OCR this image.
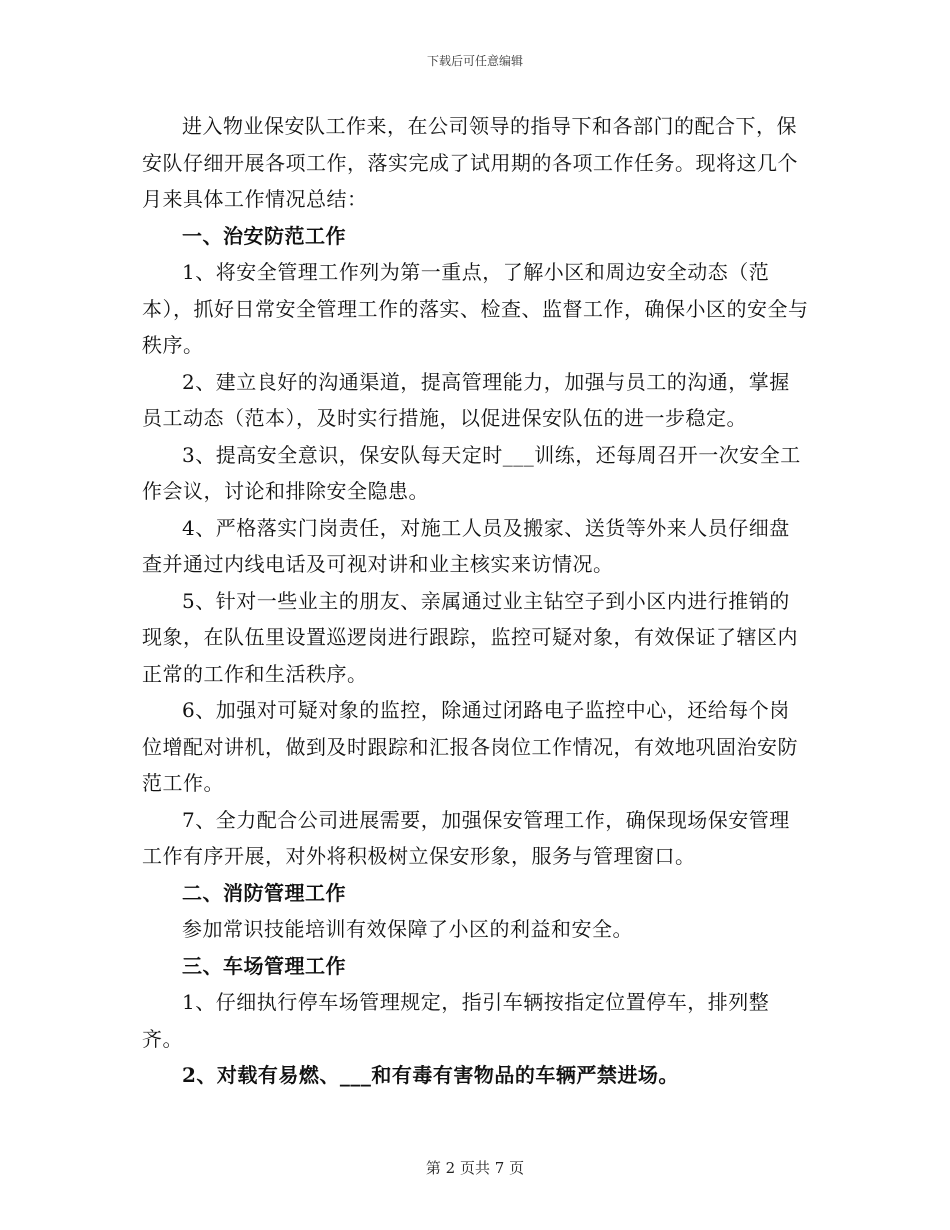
下载后可任意编辑

进入物业保安队工作来，在公司领导的指导下和各部门的配合下，保安队仔细开展各项工作，落实完成了试用期的各项工作任务。现将这几个月来具体工作情况总结：

一、治安防范工作

1、将安全管理工作列为第一重点，了解小区和周边安全动态（范本），抓好日常安全管理工作的落实、检查、监督工作，确保小区的安全与秩序。

2、建立良好的沟通渠道，提高管理能力，加强与员工的沟通，掌握员工动态（范本），及时实行措施，以促进保安队伍的进一步稳定。

3、提高安全意识，保安队每天定时___训练，还每周召开一次安全工作会议，讨论和排除安全隐患。

4、严格落实门岗责任，对施工人员及搬家、送货等外来人员仔细盘查并通过内线电话及可视对讲和业主核实来访情况。

5、针对一些业主的朋友、亲属通过业主钻空子到小区内进行推销的现象，在队伍里设置巡逻岗进行跟踪，监控可疑对象，有效保证了辖区内正常的工作和生活秩序。

6、加强对可疑对象的监控，除通过闭路电子监控中心，还给每个岗位增配对讲机，做到及时跟踪和汇报各岗位工作情况，有效地巩固治安防范工作。

7、全力配合公司进展需要，加强保安管理工作，确保现场保安管理工作有序开展，对外将积极树立保安形象，服务与管理窗口。

二、消防管理工作

参加常识技能培训有效保障了小区的利益和安全。

三、车场管理工作

1、仔细执行停车场管理规定，指引车辆按指定位置停车，排列整齐。

2、对载有易燃、___和有毒有害物品的车辆严禁进场。

第 2 页共 7 页
